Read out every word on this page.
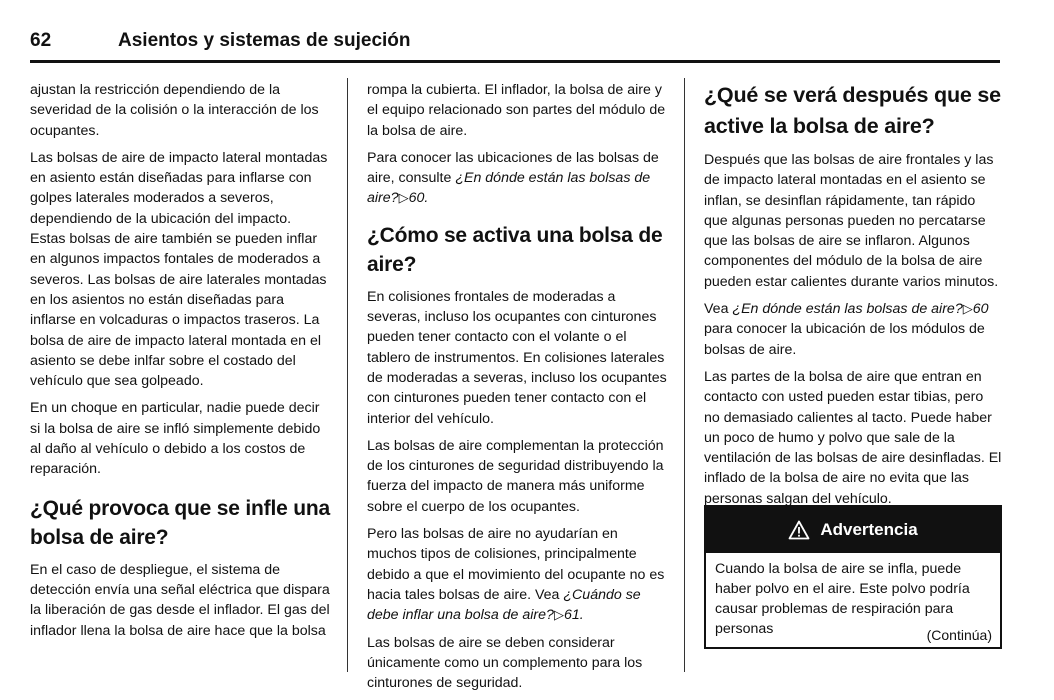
62	Asientos y sistemas de sujeción

ajustan la restricción dependiendo de la severidad de la colisión o la interacción de los ocupantes.

Las bolsas de aire de impacto lateral montadas en asiento están diseñadas para inflarse con golpes laterales moderados a severos, dependiendo de la ubicación del impacto. Estas bolsas de aire también se pueden inflar en algunos impactos fontales de moderados a severos. Las bolsas de aire laterales montadas en los asientos no están diseñadas para inflarse en volcaduras o impactos traseros. La bolsa de aire de impacto lateral montada en el asiento se debe inlfar sobre el costado del vehículo que sea golpeado.

En un choque en particular, nadie puede decir si la bolsa de aire se infló simplemente debido al daño al vehículo o debido a los costos de reparación.

¿Qué provoca que se infle una bolsa de aire?

En el caso de despliegue, el sistema de detección envía una señal eléctrica que dispara la liberación de gas desde el inflador. El gas del inflador llena la bolsa de aire hace que la bolsa

rompa la cubierta. El inflador, la bolsa de aire y el equipo relacionado son partes del módulo de la bolsa de aire.

Para conocer las ubicaciones de las bolsas de aire, consulte ¿En dónde están las bolsas de aire?▷60.

¿Cómo se activa una bolsa de aire?

En colisiones frontales de moderadas a severas, incluso los ocupantes con cinturones pueden tener contacto con el volante o el tablero de instrumentos. En colisiones laterales de moderadas a severas, incluso los ocupantes con cinturones pueden tener contacto con el interior del vehículo.

Las bolsas de aire complementan la protección de los cinturones de seguridad distribuyendo la fuerza del impacto de manera más uniforme sobre el cuerpo de los ocupantes.

Pero las bolsas de aire no ayudarían en muchos tipos de colisiones, principalmente debido a que el movimiento del ocupante no es hacia tales bolsas de aire. Vea ¿Cuándo se debe inflar una bolsa de aire?▷61.

Las bolsas de aire se deben considerar únicamente como un complemento para los cinturones de seguridad.

¿Qué se verá después que se active la bolsa de aire?

Después que las bolsas de aire frontales y las de impacto lateral montadas en el asiento se inflan, se desinflan rápidamente, tan rápido que algunas personas pueden no percatarse que las bolsas de aire se inflaron. Algunos componentes del módulo de la bolsa de aire pueden estar calientes durante varios minutos.

Vea ¿En dónde están las bolsas de aire?▷60 para conocer la ubicación de los módulos de bolsas de aire.

Las partes de la bolsa de aire que entran en contacto con usted pueden estar tibias, pero no demasiado calientes al tacto. Puede haber un poco de humo y polvo que sale de la ventilación de las bolsas de aire desinfladas. El inflado de la bolsa de aire no evita que las personas salgan del vehículo.

Advertencia
Cuando la bolsa de aire se infla, puede haber polvo en el aire. Este polvo podría causar problemas de respiración para personas	(Continúa)
